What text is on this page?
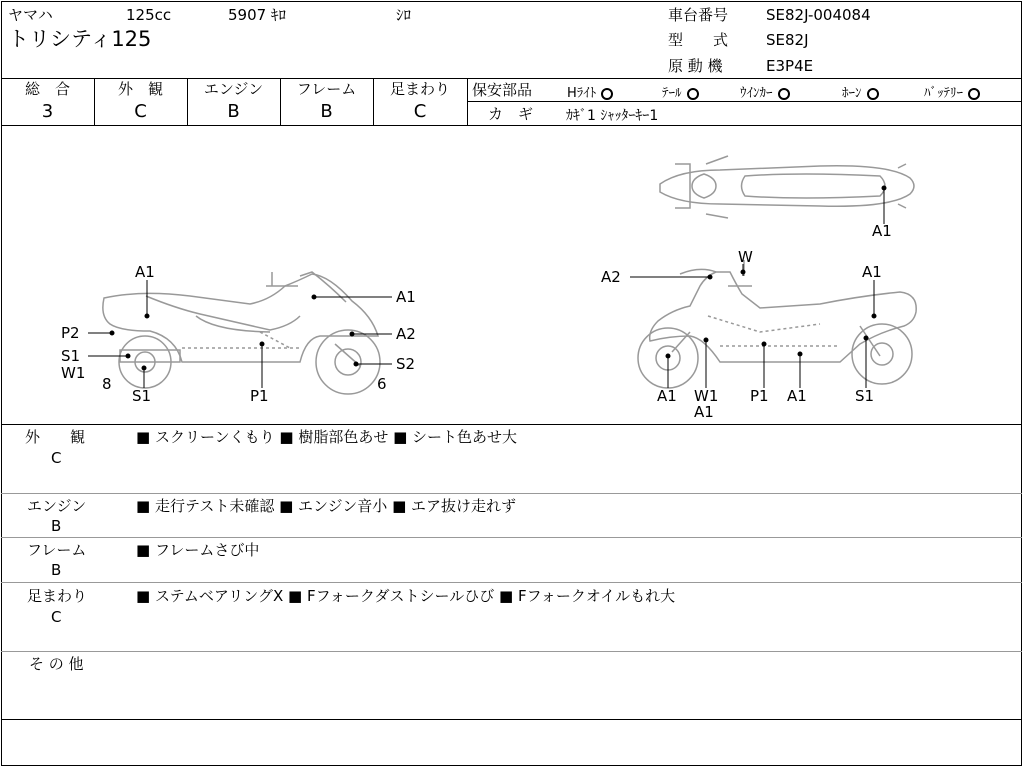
ヤマハ	125cc	5907 ｷﾛ	ｼﾛ
トリシティ125
車台番号	SE82J-004084
型　　式	SE82J
原 動 機	E3P4E
総　合
3
外　観
C
エンジン
B
フレーム
B
足まわり
C
保安部品	Hﾗｲﾄ	ﾃｰﾙ	ｳｲﾝｶｰ	ﾎｰﾝ	ﾊﾞｯﾃﾘｰ
カ　ギ ｶｷﾞ1 ｼｬｯﾀｰｷｰ1
A1
A1
P2	A2
S1
W1	S2
8
S1	P1
6
A1
W
A2	A1
A1 W1
A1
P1 A1	S1
外　　観
C
■ スクリーンくもり ■ 樹脂部色あせ ■ シート色あせ大
エンジン
B
■ 走行テスト未確認 ■ エンジン音小 ■ エア抜け走れず
フレーム
B
■ フレームさび中
足まわり
C
■ ステムベアリングX ■ Fフォークダストシールひび ■ Fフォークオイルもれ大
そ の 他
